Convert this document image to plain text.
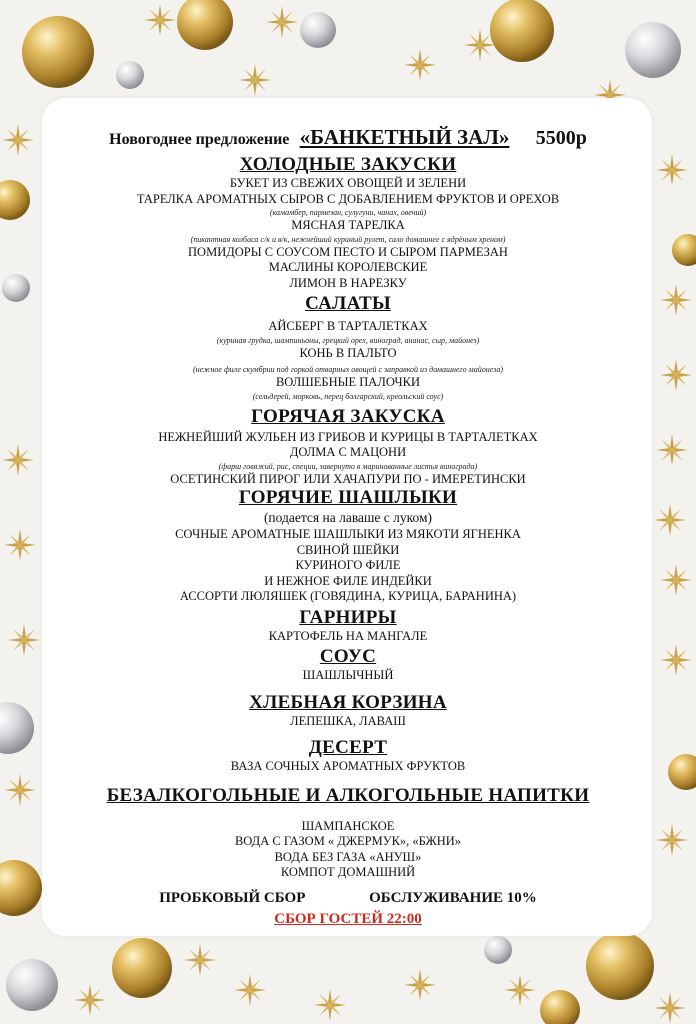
Новогоднее предложение «БАНКЕТНЫЙ ЗАЛ» 5500р
ХОЛОДНЫЕ ЗАКУСКИ
БУКЕТ ИЗ СВЕЖИХ ОВОЩЕЙ И ЗЕЛЕНИ
ТАРЕЛКА АРОМАТНЫХ СЫРОВ С ДОБАВЛЕНИЕМ ФРУКТОВ И ОРЕХОВ
(камамбер, пармезан, сулугуни, чанах, овечий)
МЯСНАЯ ТАРЕЛКА
(пикантная колбаса с/к и в/к, нежнейший куриный рулет, сало домашнее с ядрёным хреном)
ПОМИДОРЫ С СОУСОМ ПЕСТО И СЫРОМ ПАРМЕЗАН
МАСЛИНЫ КОРОЛЕВСКИЕ
ЛИМОН В НАРЕЗКУ
САЛАТЫ
АЙСБЕРГ В ТАРТАЛЕТКАХ
(куриная грудка, шампиньоны, грецкий орех, виноград, ананас, сыр, майонез)
КОНЬ В ПАЛЬТО
(нежное филе скумбрии под горкой отварных овощей с заправкой из домашнего майонеза)
ВОЛШЕБНЫЕ ПАЛОЧКИ
(сельдерей, морковь, перец болгарский, креольский соус)
ГОРЯЧАЯ ЗАКУСКА
НЕЖНЕЙШИЙ ЖУЛЬЕН ИЗ ГРИБОВ И КУРИЦЫ В ТАРТАЛЕТКАХ
ДОЛМА С МАЦОНИ
(фарш говяжий, рис, специи, завернуто в маринованные листья винограда)
ОСЕТИНСКИЙ ПИРОГ ИЛИ ХАЧАПУРИ ПО - ИМЕРЕТИНСКИ
ГОРЯЧИЕ ШАШЛЫКИ
(подается на лаваше с луком)
СОЧНЫЕ АРОМАТНЫЕ ШАШЛЫКИ ИЗ МЯКОТИ ЯГНЕНКА
СВИНОЙ ШЕЙКИ
КУРИНОГО ФИЛЕ
И НЕЖНОЕ ФИЛЕ ИНДЕЙКИ
АССОРТИ ЛЮЛЯШЕК (ГОВЯДИНА, КУРИЦА, БАРАНИНА)
ГАРНИРЫ
КАРТОФЕЛЬ НА МАНГАЛЕ
СОУС
ШАШЛЫЧНЫЙ
ХЛЕБНАЯ КОРЗИНА
ЛЕПЕШКА, ЛАВАШ
ДЕСЕРТ
ВАЗА СОЧНЫХ АРОМАТНЫХ ФРУКТОВ
БЕЗАЛКОГОЛЬНЫЕ И АЛКОГОЛЬНЫЕ НАПИТКИ
ШАМПАНСКОЕ
ВОДА С ГАЗОМ « ДЖЕРМУК», «БЖНИ»
ВОДА БЕЗ ГАЗА «АНУШ»
КОМПОТ ДОМАШНИЙ
ПРОБКОВЫЙ СБОР	ОБСЛУЖИВАНИЕ 10%
СБОР ГОСТЕЙ 22:00
